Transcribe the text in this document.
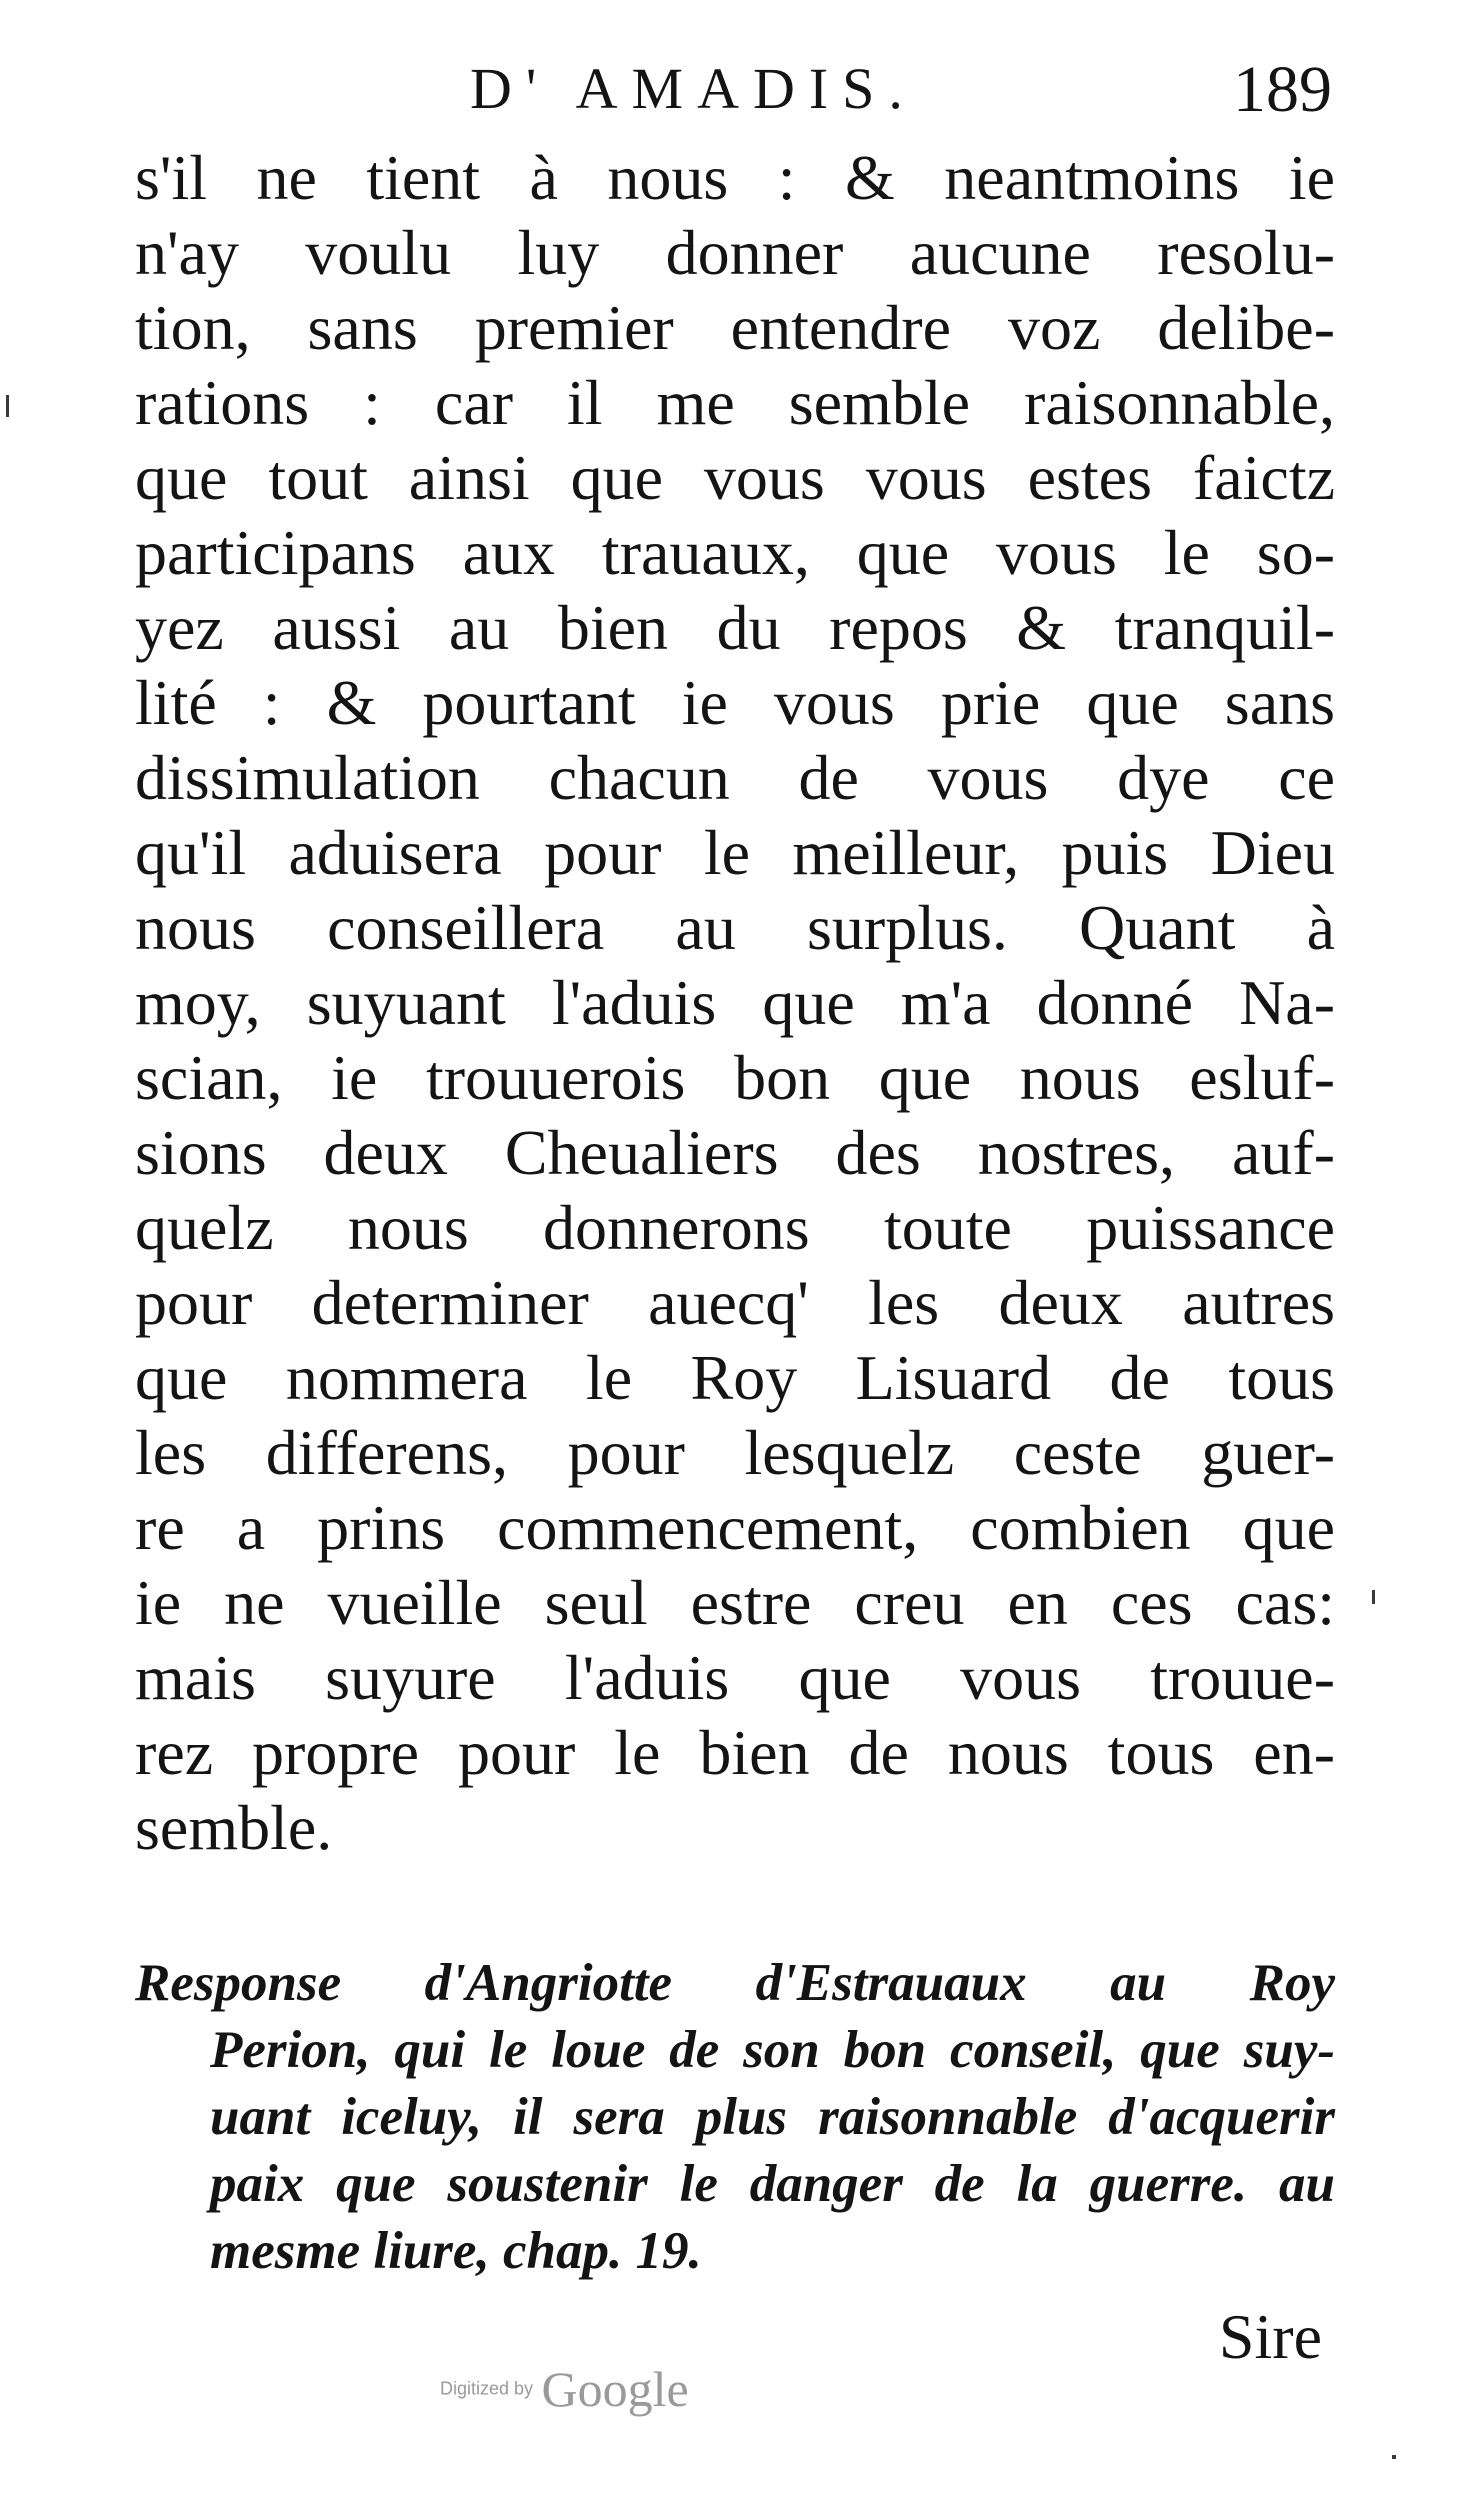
D' AMADIS.	189
s'il ne tient à nous : & neantmoins ie
n'ay voulu luy donner aucune resolu-
tion, sans premier entendre voz delibe-
rations : car il me semble raisonnable,
que tout ainsi que vous vous estes faictz
participans aux trauaux, que vous le so-
yez aussi au bien du repos & tranquil-
lité : & pourtant ie vous prie que sans
dissimulation chacun de vous dye ce
qu'il aduisera pour le meilleur, puis Dieu
nous conseillera au surplus. Quant à
moy, suyuant l'aduis que m'a donné Na-
scian, ie trouuerois bon que nous esluf-
sions deux Cheualiers des nostres, auf-
quelz nous donnerons toute puissance
pour determiner auecq' les deux autres
que nommera le Roy Lisuard de tous
les differens, pour lesquelz ceste guer-
re a prins commencement, combien que
ie ne vueille seul estre creu en ces cas:
mais suyure l'aduis que vous trouue-
rez propre pour le bien de nous tous en-
semble.
Response d'Angriotte d'Estrauaux au Roy
Perion, qui le loue de son bon conseil, que suy-
uant iceluy, il sera plus raisonnable d'acquerir
paix que soustenir le danger de la guerre. au
mesme liure, chap. 19.
Sire
Digitized by Google
